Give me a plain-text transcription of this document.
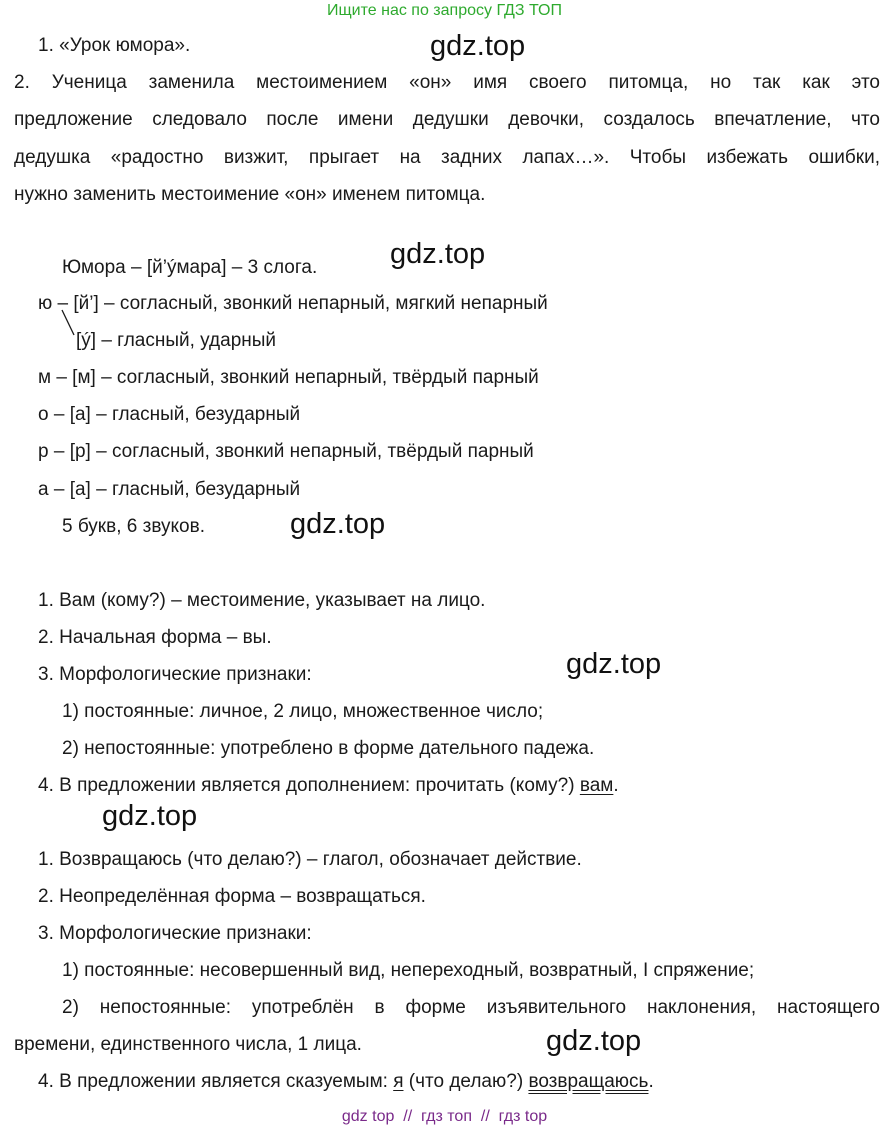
Ищите нас по запросу ГДЗ ТОП
1. «Урок юмора».	gdz.top
2. Ученица заменила местоимением «он» имя своего питомца, но так как это
предложение следовало после имени дедушки девочки, создалось впечатление, что
дедушка «радостно визжит, прыгает на задних лапах…». Чтобы избежать ошибки,
нужно заменить местоимение «он» именем питомца.
Юмора – [й’ýмара] – 3 слога.	gdz.top
ю – [й’] – согласный, звонкий непарный, мягкий непарный
[ý] – гласный, ударный
м – [м] – согласный, звонкий непарный, твёрдый парный
о – [а] – гласный, безударный
р – [р] – согласный, звонкий непарный, твёрдый парный
а – [а] – гласный, безударный
5 букв, 6 звуков.	gdz.top
1. Вам (кому?) – местоимение, указывает на лицо.
2. Начальная форма – вы.
3. Морфологические признаки:	gdz.top
1) постоянные: личное, 2 лицо, множественное число;
2) непостоянные: употреблено в форме дательного падежа.
4. В предложении является дополнением: прочитать (кому?) вам.
gdz.top
1. Возвращаюсь (что делаю?) – глагол, обозначает действие.
2. Неопределённая форма – возвращаться.
3. Морфологические признаки:
1) постоянные: несовершенный вид, непереходный, возвратный, I спряжение;
2) непостоянные: употреблён в форме изъявительного наклонения, настоящего
времени, единственного числа, 1 лица.	gdz.top
4. В предложении является сказуемым: я (что делаю?) возвращаюсь.
gdz top  //  гдз топ  //  гдз top
